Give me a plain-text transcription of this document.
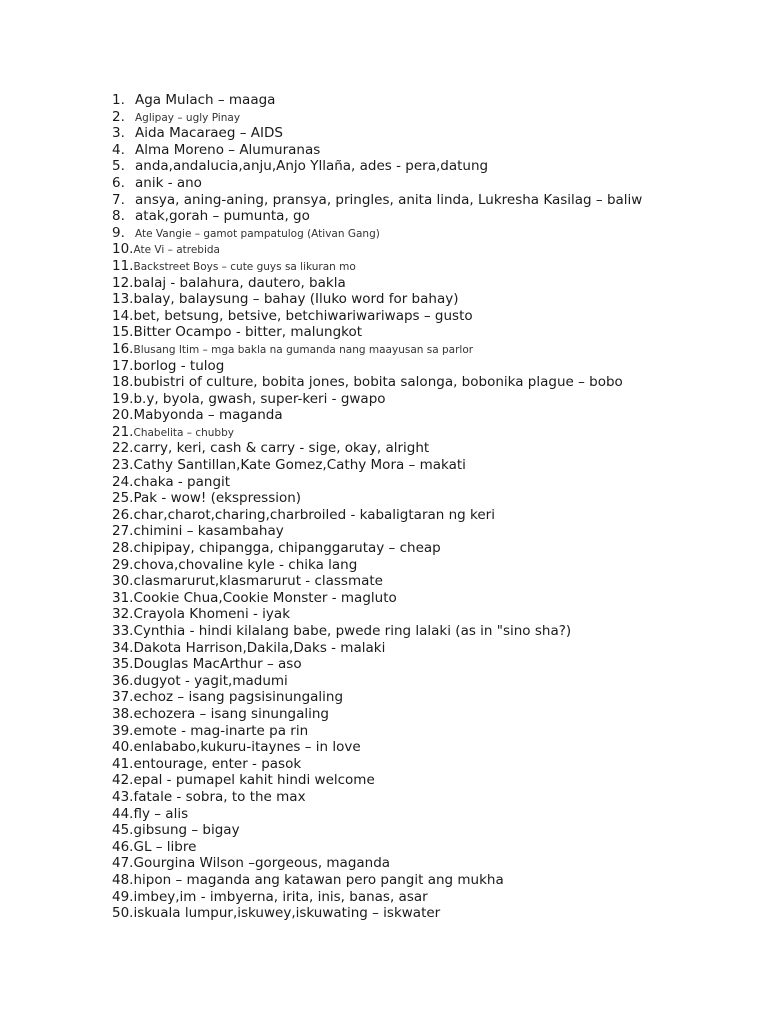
1. Aga Mulach – maaga
2. Aglipay – ugly Pinay
3. Aida Macaraeg – AIDS
4. Alma Moreno – Alumuranas
5. anda,andalucia,anju,Anjo Yllaña, ades - pera,datung
6. anik - ano
7. ansya, aning-aning, pransya, pringles, anita linda, Lukresha Kasilag – baliw
8. atak,gorah – pumunta, go
9. Ate Vangie – gamot pampatulog (Ativan Gang)
10. Ate Vi – atrebida
11. Backstreet Boys – cute guys sa likuran mo
12. balaj - balahura, dautero, bakla
13. balay, balaysung – bahay (Iluko word for bahay)
14. bet, betsung, betsive, betchiwariwariwaps – gusto
15. Bitter Ocampo - bitter, malungkot
16. Blusang Itim – mga bakla na gumanda nang maayusan sa parlor
17. borlog - tulog
18. bubistri of culture, bobita jones, bobita salonga, bobonika plague – bobo
19. b.y, byola, gwash, super-keri - gwapo
20. Mabyonda – maganda
21. Chabelita – chubby
22. carry, keri, cash & carry - sige, okay, alright
23. Cathy Santillan,Kate Gomez,Cathy Mora – makati
24. chaka - pangit
25. Pak - wow! (ekspression)
26. char,charot,charing,charbroiled - kabaligtaran ng keri
27. chimini – kasambahay
28. chipipay, chipangga, chipanggarutay – cheap
29. chova,chovaline kyle - chika lang
30. clasmarurut,klasmarurut - classmate
31. Cookie Chua,Cookie Monster - magluto
32. Crayola Khomeni - iyak
33. Cynthia - hindi kilalang babe, pwede ring lalaki (as in "sino sha?)
34. Dakota Harrison,Dakila,Daks - malaki
35. Douglas MacArthur – aso
36. dugyot - yagit,madumi
37. echoz – isang pagsisinungaling
38. echozera – isang sinungaling
39. emote - mag-inarte pa rin
40. enlababo,kukuru-itaynes – in love
41. entourage, enter - pasok
42. epal - pumapel kahit hindi welcome
43. fatale - sobra, to the max
44. fly – alis
45. gibsung – bigay
46. GL – libre
47. Gourgina Wilson –gorgeous, maganda
48. hipon – maganda ang katawan pero pangit ang mukha
49. imbey,im - imbyerna, irita, inis, banas, asar
50. iskuala lumpur,iskuwey,iskuwating – iskwater
